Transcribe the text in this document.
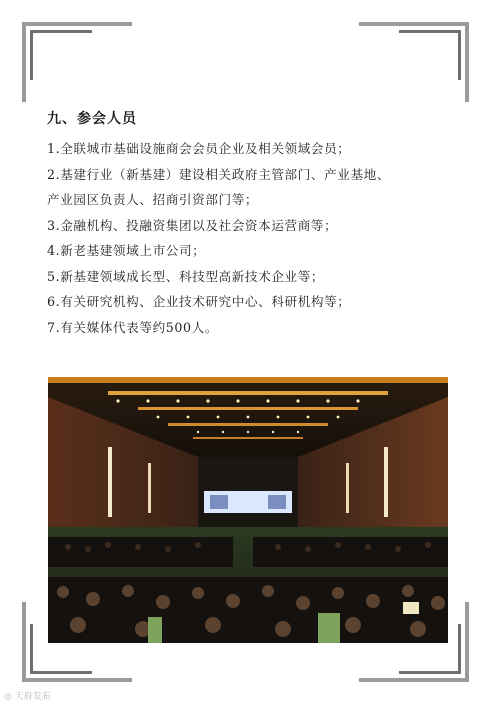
九、参会人员
1.全联城市基础设施商会会员企业及相关领域会员；
2.基建行业（新基建）建设相关政府主管部门、产业基地、
产业园区负责人、招商引资部门等；
3.金融机构、投融资集团以及社会资本运营商等；
4.新老基建领域上市公司；
5.新基建领域成长型、科技型高新技术企业等；
6.有关研究机构、企业技术研究中心、科研机构等；
7.有关媒体代表等约500人。
◎ 天府发布
